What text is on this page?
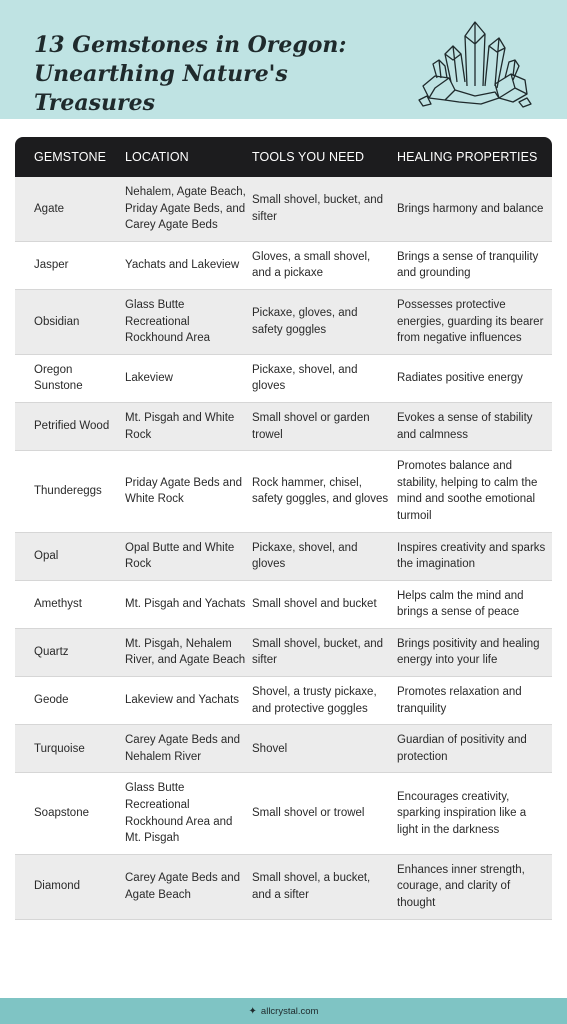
13 Gemstones in Oregon:
Unearthing Nature's Treasures
GEMSTONE	LOCATION	TOOLS YOU NEED	HEALING PROPERTIES
Agate	Nehalem, Agate Beach, Priday Agate Beds, and Carey Agate Beds	Small shovel, bucket, and sifter	Brings harmony and balance
Jasper	Yachats and Lakeview	Gloves, a small shovel, and a pickaxe	Brings a sense of tranquility and grounding
Obsidian	Glass Butte Recreational Rockhound Area	Pickaxe, gloves, and safety goggles	Possesses protective energies, guarding its bearer from negative influences
Oregon Sunstone	Lakeview	Pickaxe, shovel, and gloves	Radiates positive energy
Petrified Wood	Mt. Pisgah and White Rock	Small shovel or garden trowel	Evokes a sense of stability and calmness
Thundereggs	Priday Agate Beds and White Rock	Rock hammer, chisel, safety goggles, and gloves	Promotes balance and stability, helping to calm the mind and soothe emotional turmoil
Opal	Opal Butte and White Rock	Pickaxe, shovel, and gloves	Inspires creativity and sparks the imagination
Amethyst	Mt. Pisgah and Yachats	Small shovel and bucket	Helps calm the mind and brings a sense of peace
Quartz	Mt. Pisgah, Nehalem River, and Agate Beach	Small shovel, bucket, and sifter	Brings positivity and healing energy into your life
Geode	Lakeview and Yachats	Shovel, a trusty pickaxe, and protective goggles	Promotes relaxation and tranquility
Turquoise	Carey Agate Beds and Nehalem River	Shovel	Guardian of positivity and protection
Soapstone	Glass Butte Recreational Rockhound Area and Mt. Pisgah	Small shovel or trowel	Encourages creativity, sparking inspiration like a light in the darkness
Diamond	Carey Agate Beds and Agate Beach	Small shovel, a bucket, and a sifter	Enhances inner strength, courage, and clarity of thought
✦ allcrystal.com
